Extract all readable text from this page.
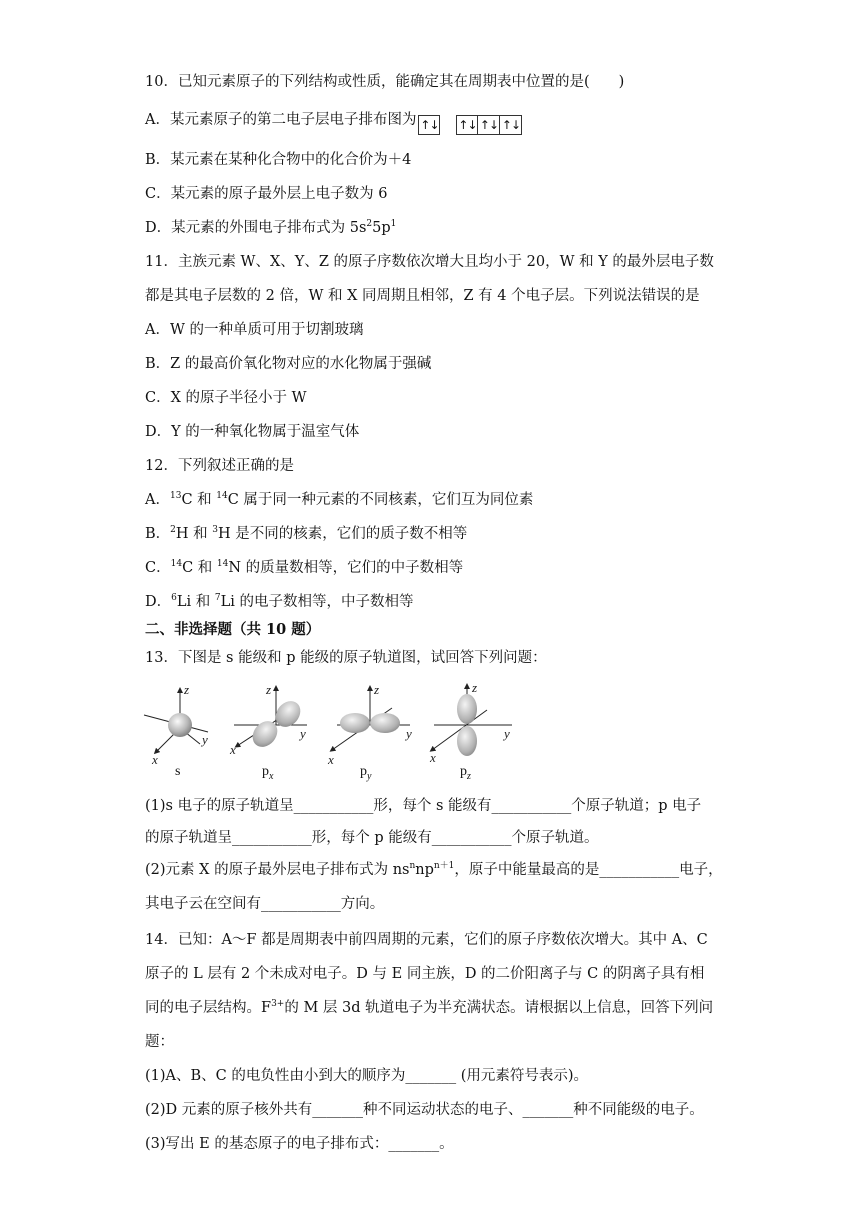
10．已知元素原子的下列结构或性质，能确定其在周期表中位置的是(　　)
A．某元素原子的第二电子层电子排布图为 ↑↓ ↑↓ ↑↓ ↑↓
B．某元素在某种化合物中的化合价为＋4
C．某元素的原子最外层上电子数为 6
D．某元素的外围电子排布式为 $5s^25p^1$
11．主族元素 W、X、Y、Z 的原子序数依次增大且均小于 20，W 和 Y 的最外层电子数
都是其电子层数的 2 倍，W 和 X 同周期且相邻，Z 有 4 个电子层。下列说法错误的是
A．W 的一种单质可用于切割玻璃
B．Z 的最高价氧化物对应的水化物属于强碱
C．X 的原子半径小于 W
D．Y 的一种氧化物属于温室气体
12．下列叙述正确的是
A．$^{13}$C 和 $^{14}$C 属于同一种元素的不同核素，它们互为同位素
B．$^2$H 和 $^3$H 是不同的核素，它们的质子数不相等
C．$^{14}$C 和 $^{14}$N 的质量数相等，它们的中子数相等
D．$^6$Li 和 $^7$Li 的电子数相等，中子数相等
二、非选择题（共 10 题）
13．下图是 s 能级和 p 能级的原子轨道图，试回答下列问题：
z
y
x
z
y
x
z
y
x
z
y
x
s	$p_x$	$p_y$	$p_z$
(1)s 电子的原子轨道呈___________形，每个 s 能级有___________个原子轨道；p 电子
的原子轨道呈___________形，每个 p 能级有___________个原子轨道。
(2)元素 X 的原子最外层电子排布式为 $ns^nnp^{n+1}$，原子中能量最高的是___________电子，
其电子云在空间有___________方向。
14．已知：A～F 都是周期表中前四周期的元素，它们的原子序数依次增大。其中 A、C
原子的 L 层有 2 个未成对电子。D 与 E 同主族，D 的二价阳离子与 C 的阴离子具有相
同的电子层结构。$F^{3+}$的 M 层 3d 轨道电子为半充满状态。请根据以上信息，回答下列问
题：
(1)A、B、C 的电负性由小到大的顺序为_______ (用元素符号表示)。
(2)D 元素的原子核外共有_______种不同运动状态的电子、_______种不同能级的电子。
(3)写出 E 的基态原子的电子排布式：_______。
